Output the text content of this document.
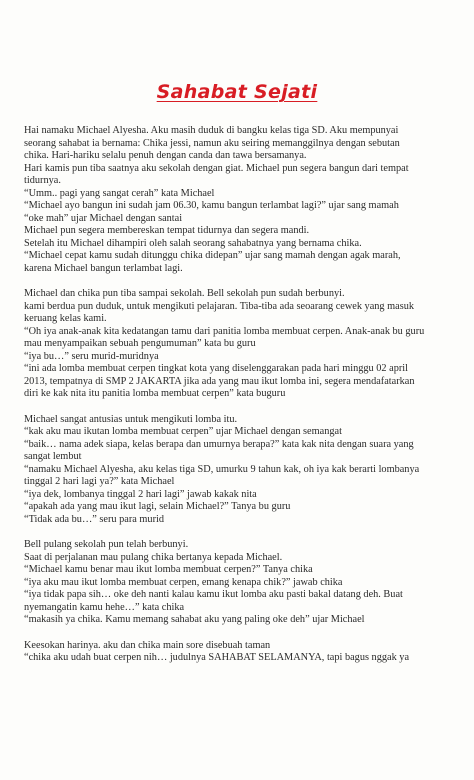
Sahabat Sejati
Hai namaku Michael Alyesha. Aku masih duduk di bangku kelas tiga SD. Aku mempunyai
seorang sahabat ia bernama: Chika jessi, namun aku seiring memanggilnya dengan sebutan
chika. Hari-hariku selalu penuh dengan canda dan tawa bersamanya.
Hari kamis pun tiba saatnya aku sekolah dengan giat. Michael pun segera bangun dari tempat
tidurnya.
“Umm.. pagi yang sangat cerah” kata Michael
“Michael ayo bangun ini sudah jam 06.30, kamu bangun terlambat lagi?” ujar sang mamah
“oke mah” ujar Michael dengan santai
Michael pun segera membereskan tempat tidurnya dan segera mandi.
Setelah itu Michael dihampiri oleh salah seorang sahabatnya yang bernama chika.
“Michael cepat kamu sudah ditunggu chika didepan” ujar sang mamah dengan agak marah,
karena Michael bangun terlambat lagi.
Michael dan chika pun tiba sampai sekolah. Bell sekolah pun sudah berbunyi.
kami berdua pun duduk, untuk mengikuti pelajaran. Tiba-tiba ada seoarang cewek yang masuk
keruang kelas kami.
“Oh iya anak-anak kita kedatangan tamu dari panitia lomba membuat cerpen. Anak-anak bu guru
mau menyampaikan sebuah pengumuman” kata bu guru
“iya bu…” seru murid-muridnya
“ini ada lomba membuat cerpen tingkat kota yang diselenggarakan pada hari minggu 02 april
2013, tempatnya di SMP 2 JAKARTA jika ada yang mau ikut lomba ini, segera mendafatarkan
diri ke kak nita itu panitia lomba membuat cerpen” kata buguru
Michael sangat antusias untuk mengikuti lomba itu.
“kak aku mau ikutan lomba membuat cerpen” ujar Michael dengan semangat
“baik… nama adek siapa, kelas berapa dan umurnya berapa?” kata kak nita dengan suara yang
sangat lembut
“namaku Michael Alyesha, aku kelas tiga SD, umurku 9 tahun kak, oh iya kak berarti lombanya
tinggal 2 hari lagi ya?” kata Michael
“iya dek, lombanya tinggal 2 hari lagi” jawab kakak nita
“apakah ada yang mau ikut lagi, selain Michael?” Tanya bu guru
“Tidak ada bu…” seru para murid
Bell pulang sekolah pun telah berbunyi.
Saat di perjalanan mau pulang chika bertanya kepada Michael.
“Michael kamu benar mau ikut lomba membuat cerpen?” Tanya chika
“iya aku mau ikut lomba membuat cerpen, emang kenapa chik?” jawab chika
“iya tidak papa sih… oke deh nanti kalau kamu ikut lomba aku pasti bakal datang deh. Buat
nyemangatin kamu hehe…” kata chika
“makasih ya chika. Kamu memang sahabat aku yang paling oke deh” ujar Michael
Keesokan harinya. aku dan chika main sore disebuah taman
“chika aku udah buat cerpen nih… judulnya SAHABAT SELAMANYA, tapi bagus nggak ya
